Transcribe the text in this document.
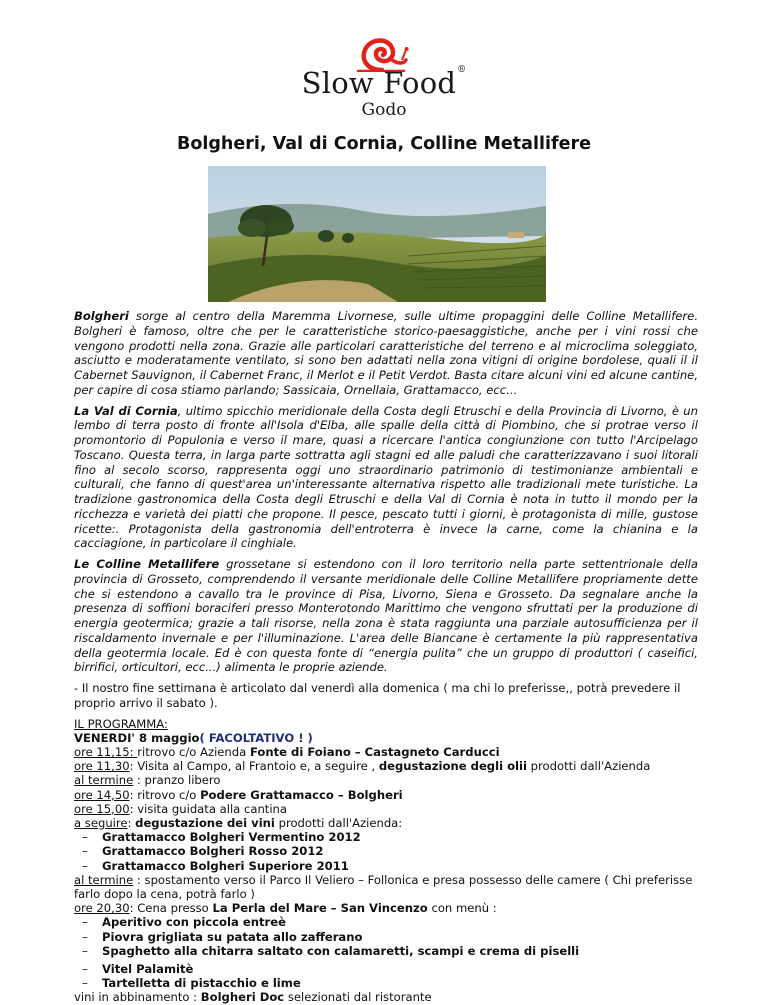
Slow Food®
Godo
Bolgheri, Val di Cornia, Colline Metallifere

Bolgheri sorge al centro della Maremma Livornese, sulle ultime propaggini delle Colline Metallifere. Bolgheri è famoso, oltre che per le caratteristiche storico-paesaggistiche, anche per i vini rossi che vengono prodotti nella zona. Grazie alle particolari caratteristiche del terreno e al microclima soleggiato, asciutto e moderatamente ventilato, si sono ben adattati nella zona vitigni di origine bordolese, quali il il Cabernet Sauvignon, il Cabernet Franc, il Merlot e il Petit Verdot. Basta citare alcuni vini ed alcune cantine, per capire di cosa stiamo parlando; Sassicaia, Ornellaia, Grattamacco, ecc...

La Val di Cornia, ultimo spicchio meridionale della Costa degli Etruschi e della Provincia di Livorno, è un lembo di terra posto di fronte all'Isola d'Elba, alle spalle della città di Piombino, che si protrae verso il promontorio di Populonia e verso il mare, quasi a ricercare l'antica congiunzione con tutto l'Arcipelago Toscano. Questa terra, in larga parte sottratta agli stagni ed alle paludi che caratterizzavano i suoi litorali fino al secolo scorso, rappresenta oggi uno straordinario patrimonio di testimonianze ambientali e culturali, che fanno di quest'area un'interessante alternativa rispetto alle tradizionali mete turistiche. La tradizione gastronomica della Costa degli Etruschi e della Val di Cornia è nota in tutto il mondo per la ricchezza e varietà dei piatti che propone. Il pesce, pescato tutti i giorni, è protagonista di mille, gustose ricette:. Protagonista della gastronomia dell'entroterra è invece la carne, come la chianina e la cacciagione, in particolare il cinghiale.

Le Colline Metallifere grossetane si estendono con il loro territorio nella parte settentrionale della provincia di Grosseto, comprendendo il versante meridionale delle Colline Metallifere propriamente dette che si estendono a cavallo tra le province di Pisa, Livorno, Siena e Grosseto. Da segnalare anche la presenza di soffioni boraciferi presso Monterotondo Marittimo che vengono sfruttati per la produzione di energia geotermica; grazie a tali risorse, nella zona è stata raggiunta una parziale autosufficienza per il riscaldamento invernale e per l'illuminazione. L'area delle Biancane è certamente la più rappresentativa della geotermia locale. Ed è con questa fonte di “energia pulita” che un gruppo di produttori ( caseifici, birrifici, orticultori, ecc...) alimenta le proprie aziende.

- Il nostro fine settimana è articolato dal venerdì alla domenica ( ma chi lo preferisse,, potrà prevedere il proprio arrivo il sabato ).

IL PROGRAMMA:
VENERDI' 8 maggio( FACOLTATIVO ! )
ore 11,15: ritrovo c/o Azienda Fonte di Foiano – Castagneto Carducci
ore 11,30: Visita al Campo, al Frantoio e, a seguire , degustazione degli olii prodotti dall'Azienda
al termine : pranzo libero
ore 14,50: ritrovo c/o Podere Grattamacco – Bolgheri
ore 15,00: visita guidata alla cantina
a seguire: degustazione dei vini prodotti dall'Azienda:
– Grattamacco Bolgheri Vermentino 2012
– Grattamacco Bolgheri Rosso 2012
– Grattamacco Bolgheri Superiore 2011
al termine : spostamento verso il Parco Il Veliero – Follonica e presa possesso delle camere ( Chi preferisse farlo dopo la cena, potrà farlo )
ore 20,30: Cena presso La Perla del Mare – San Vincenzo con menù :
– Aperitivo con piccola entreè
– Piovra grigliata su patata allo zafferano
– Spaghetto alla chitarra saltato con calamaretti, scampi e crema di piselli
– Vitel Palamitè
– Tartelletta di pistacchio e lime
vini in abbinamento : Bolgheri Doc selezionati dal ristorante
